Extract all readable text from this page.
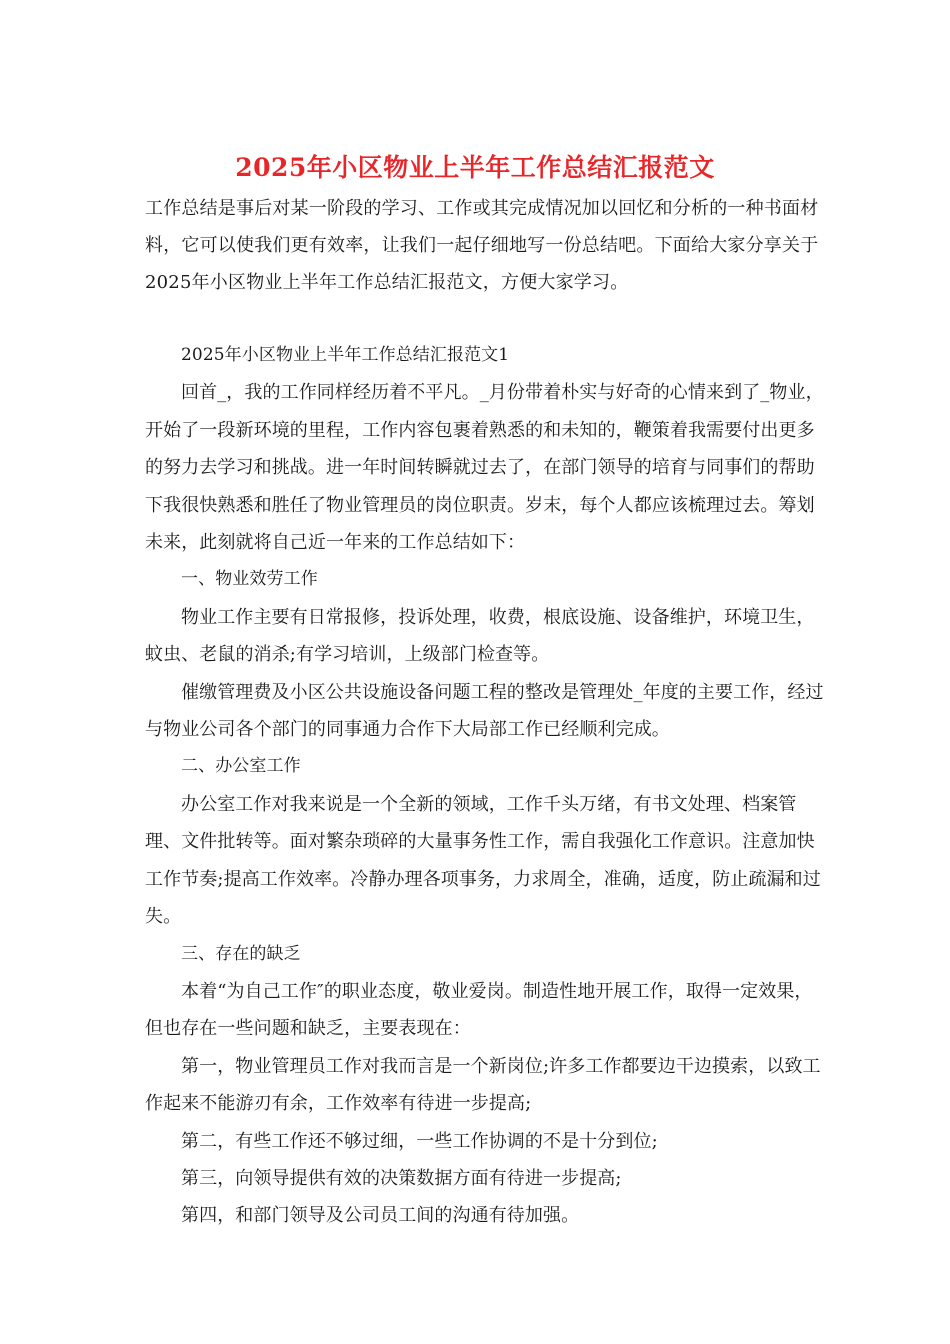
2025年小区物业上半年工作总结汇报范文

工作总结是事后对某一阶段的学习、工作或其完成情况加以回忆和分析的一种书面材料，它可以使我们更有效率，让我们一起仔细地写一份总结吧。下面给大家分享关于2025年小区物业上半年工作总结汇报范文，方便大家学习。

2025年小区物业上半年工作总结汇报范文1

回首_，我的工作同样经历着不平凡。_月份带着朴实与好奇的心情来到了_物业，开始了一段新环境的里程，工作内容包裹着熟悉的和未知的，鞭策着我需要付出更多的努力去学习和挑战。进一年时间转瞬就过去了，在部门领导的培育与同事们的帮助下我很快熟悉和胜任了物业管理员的岗位职责。岁末，每个人都应该梳理过去。筹划未来，此刻就将自己近一年来的工作总结如下：

一、物业效劳工作

物业工作主要有日常报修，投诉处理，收费，根底设施、设备维护，环境卫生，蚊虫、老鼠的消杀;有学习培训，上级部门检查等。

催缴管理费及小区公共设施设备问题工程的整改是管理处_年度的主要工作，经过与物业公司各个部门的同事通力合作下大局部工作已经顺利完成。

二、办公室工作

办公室工作对我来说是一个全新的领域，工作千头万绪，有书文处理、档案管理、文件批转等。面对繁杂琐碎的大量事务性工作，需自我强化工作意识。注意加快工作节奏;提高工作效率。冷静办理各项事务，力求周全，准确，适度，防止疏漏和过失。

三、存在的缺乏

本着“为自己工作″的职业态度，敬业爱岗。制造性地开展工作，取得一定效果，但也存在一些问题和缺乏，主要表现在：

第一，物业管理员工作对我而言是一个新岗位;许多工作都要边干边摸索，以致工作起来不能游刃有余，工作效率有待进一步提高;

第二，有些工作还不够过细，一些工作协调的不是十分到位;

第三，向领导提供有效的决策数据方面有待进一步提高;

第四，和部门领导及公司员工间的沟通有待加强。
